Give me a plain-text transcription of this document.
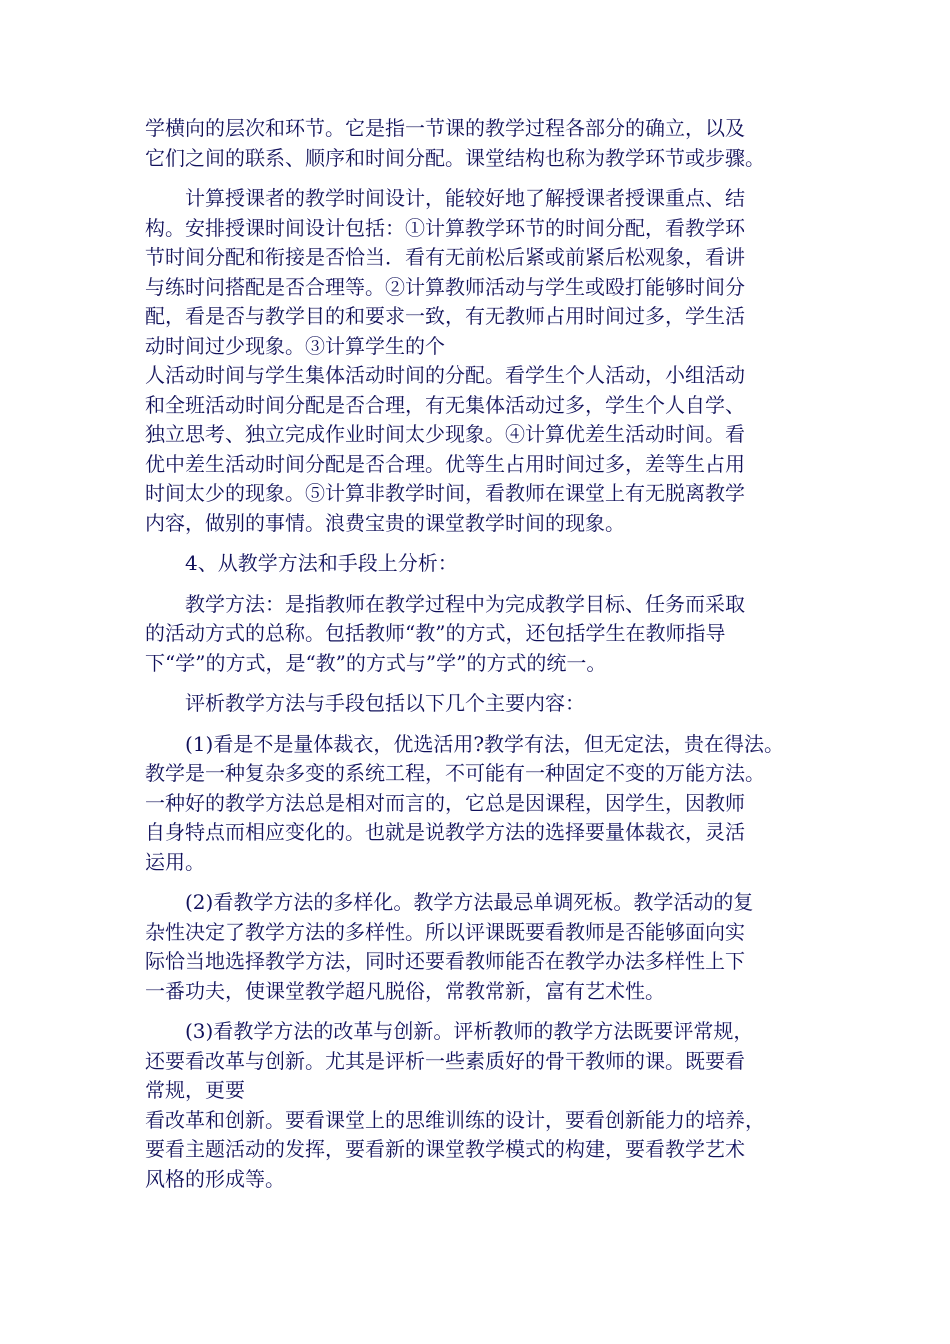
学横向的层次和环节。它是指一节课的教学过程各部分的确立，以及
它们之间的联系、顺序和时间分配。课堂结构也称为教学环节或步骤。

计算授课者的教学时间设计，能较好地了解授课者授课重点、结
构。安排授课时间设计包括：①计算教学环节的时间分配，看教学环
节时间分配和衔接是否恰当．看有无前松后紧或前紧后松观象，看讲
与练时问搭配是否合理等。②计算教师活动与学生或殴打能够时间分
配，看是否与教学目的和要求一致，有无教师占用时间过多，学生活
动时间过少现象。③计算学生的个
人活动时间与学生集体活动时间的分配。看学生个人活动，小组活动
和全班活动时间分配是否合理，有无集体活动过多，学生个人自学、
独立思考、独立完成作业时间太少现象。④计算优差生活动时间。看
优中差生活动时间分配是否合理。优等生占用时间过多，差等生占用
时间太少的现象。⑤计算非教学时间，看教师在课堂上有无脱离教学
内容，做别的事情。浪费宝贵的课堂教学时间的现象。

4、从教学方法和手段上分析：

教学方法：是指教师在教学过程中为完成教学目标、任务而采取
的活动方式的总称。包括教师“教”的方式，还包括学生在教师指导
下“学”的方式，是“教”的方式与”学”的方式的统一。

评析教学方法与手段包括以下几个主要内容：

(1)看是不是量体裁衣，优选活用?教学有法，但无定法，贵在得法。
教学是一种复杂多变的系统工程，不可能有一种固定不变的万能方法。
一种好的教学方法总是相对而言的，它总是因课程，因学生，因教师
自身特点而相应变化的。也就是说教学方法的选择要量体裁衣，灵活
运用。

(2)看教学方法的多样化。教学方法最忌单调死板。教学活动的复
杂性决定了教学方法的多样性。所以评课既要看教师是否能够面向实
际恰当地选择教学方法，同时还要看教师能否在教学办法多样性上下
一番功夫，使课堂教学超凡脱俗，常教常新，富有艺术性。

(3)看教学方法的改革与创新。评析教师的教学方法既要评常规，
还要看改革与创新。尤其是评析一些素质好的骨干教师的课。既要看
常规，更要
看改革和创新。要看课堂上的思维训练的设计，要看创新能力的培养，
要看主题活动的发挥，要看新的课堂教学模式的构建，要看教学艺术
风格的形成等。
